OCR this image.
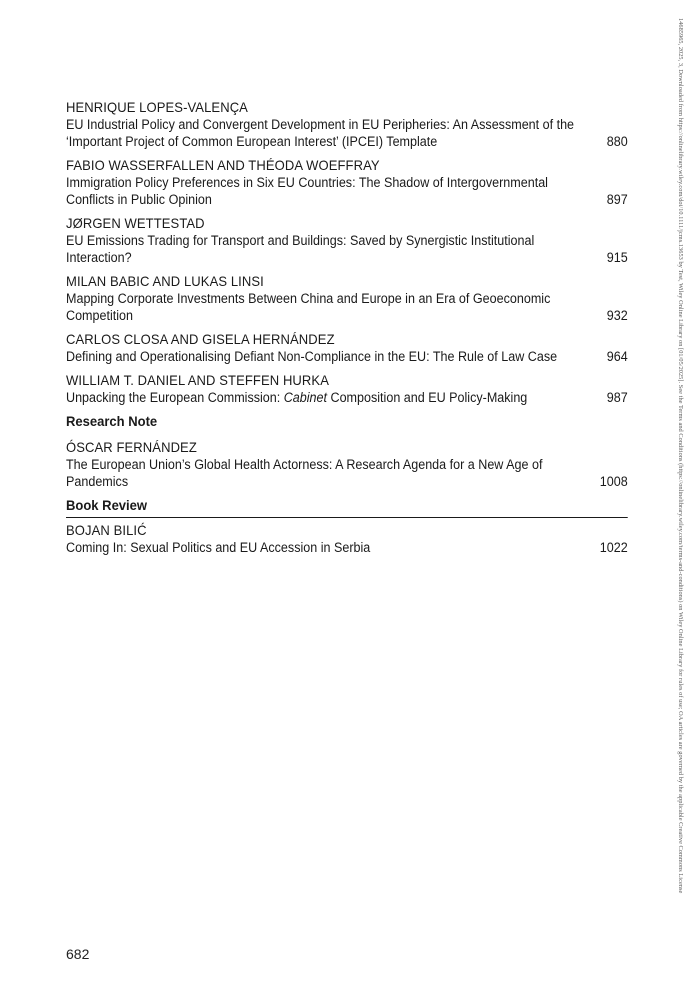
HENRIQUE LOPES-VALENÇA
EU Industrial Policy and Convergent Development in EU Peripheries: An Assessment of the
‘Important Project of Common European Interest’ (IPCEI) Template	880
FABIO WASSERFALLEN AND THÉODA WOEFFRAY
Immigration Policy Preferences in Six EU Countries: The Shadow of Intergovernmental
Conflicts in Public Opinion	897
JØRGEN WETTESTAD
EU Emissions Trading for Transport and Buildings: Saved by Synergistic Institutional Interaction?	915
MILAN BABIC AND LUKAS LINSI
Mapping Corporate Investments Between China and Europe in an Era of Geoeconomic Competition	932
CARLOS CLOSA AND GISELA HERNÁNDEZ
Defining and Operationalising Defiant Non-Compliance in the EU: The Rule of Law Case	964
WILLIAM T. DANIEL AND STEFFEN HURKA
Unpacking the European Commission: Cabinet Composition and EU Policy-Making	987
Research Note
ÓSCAR FERNÁNDEZ
The European Union’s Global Health Actorness: A Research Agenda for a New Age of Pandemics	1008
Book Review
BOJAN BILIĆ
Coming In: Sexual Politics and EU Accession in Serbia	1022
682
14685965, 2025, 3, Downloaded from https://onlinelibrary.wiley.com/doi/10.1111/jcms.13653 by Test, Wiley Online Library on [01/05/2025]. See the Terms and Conditions (https://onlinelibrary.wiley.com/terms-and-conditions) on Wiley Online Library for rules of use; OA articles are governed by the applicable Creative Commons License
